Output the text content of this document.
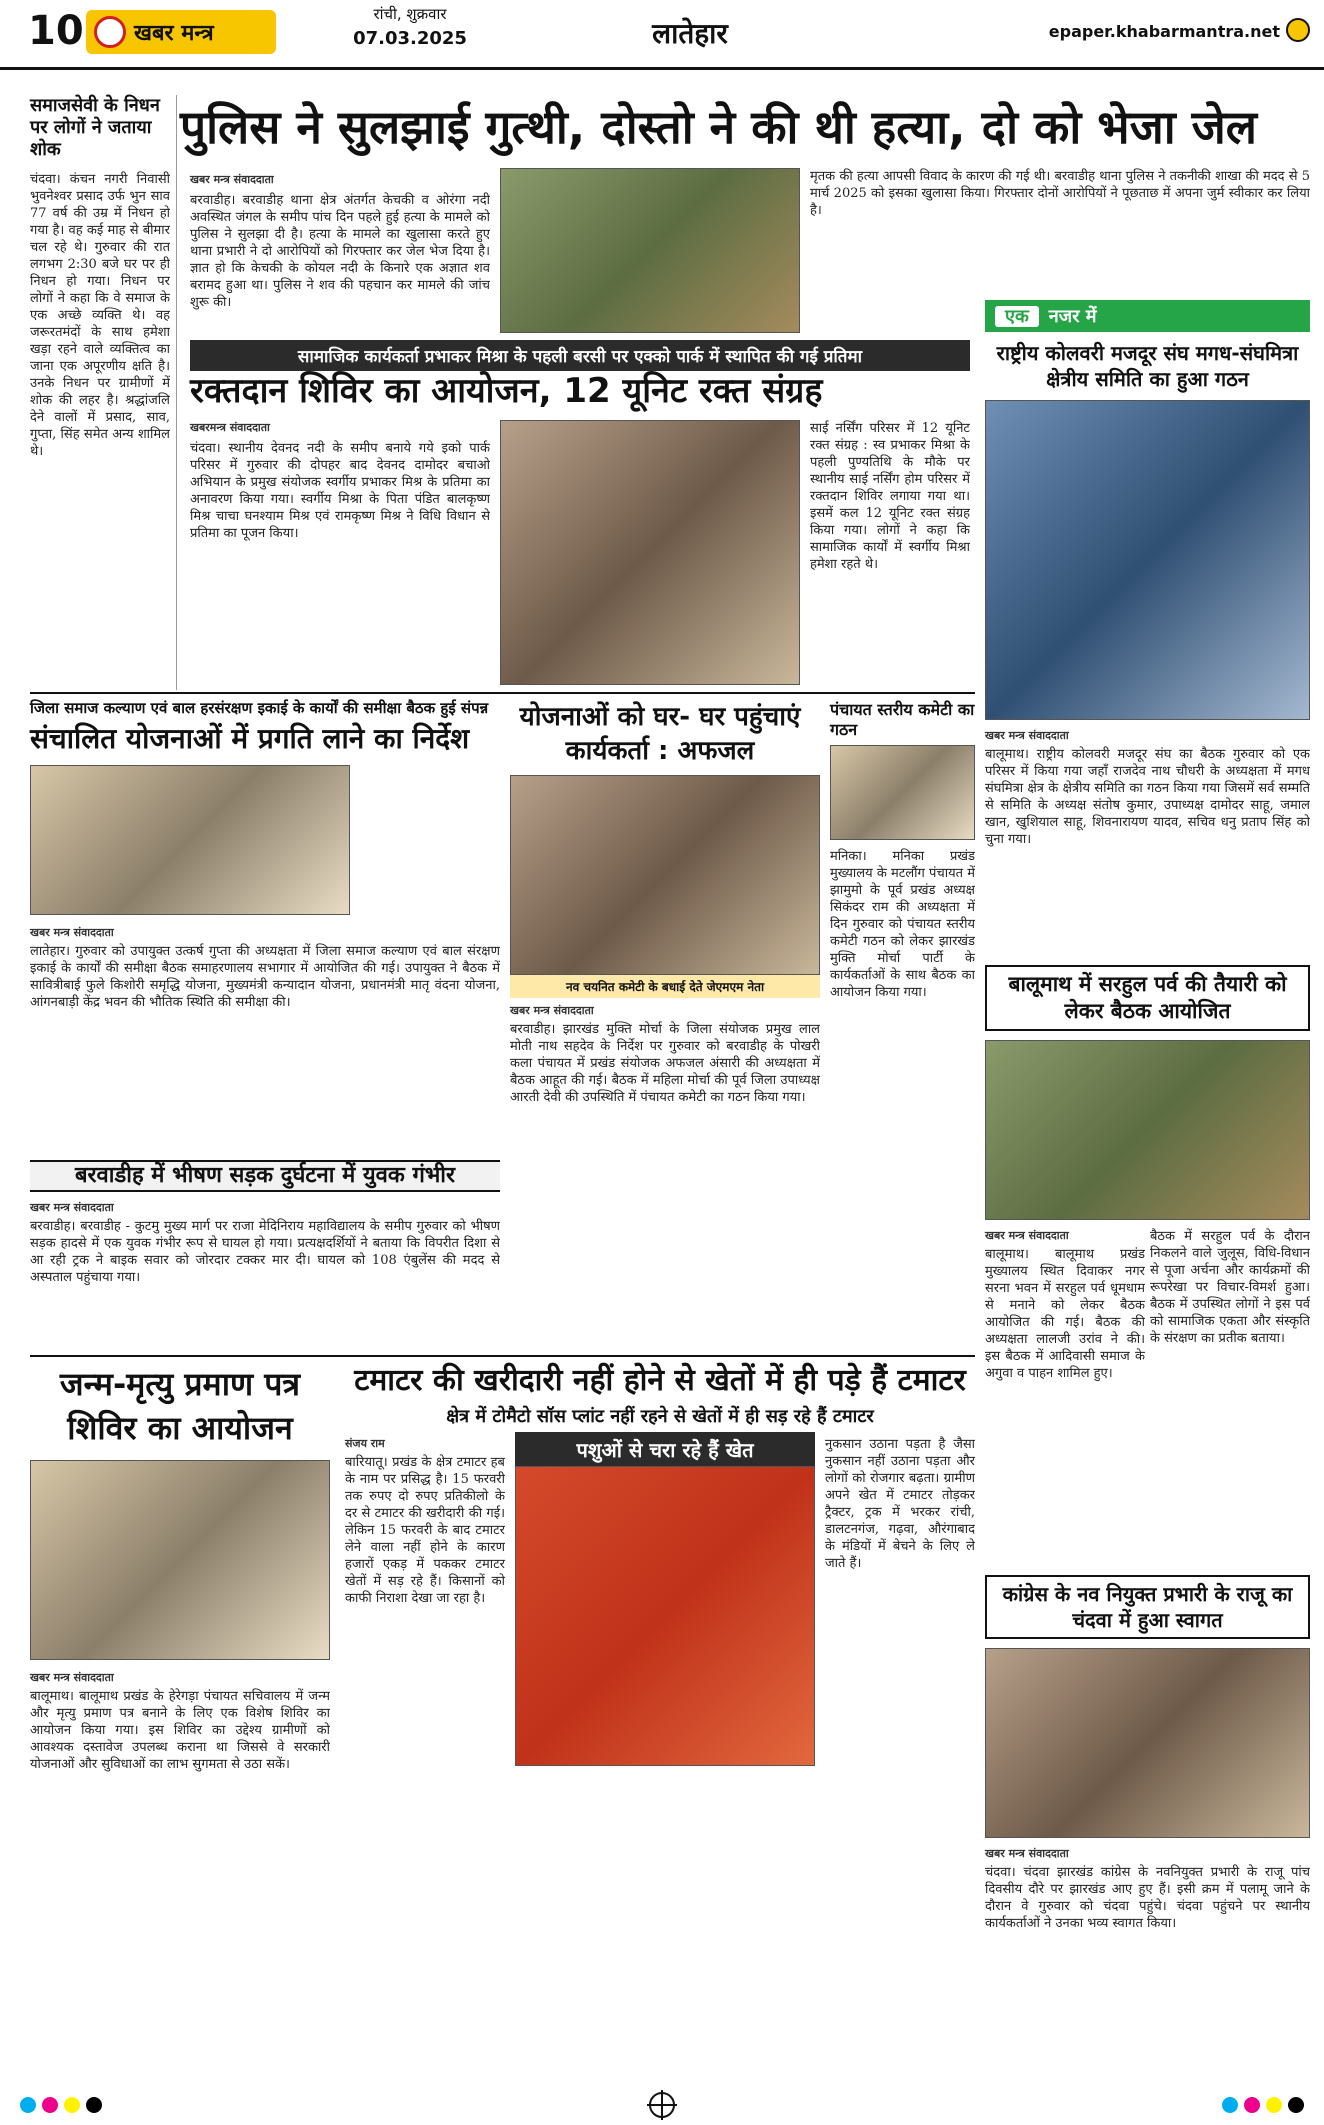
10 खबर मन्त्र
रांची, शुक्रवार
07.03.2025	लातेहार	epaper.khabarmantra.net
समाजसेवी के निधन पर लोगों ने जताया शोक
चंदवा। कंचन नगरी निवासी भुवनेश्वर प्रसाद उर्फ भुन साव 77 वर्ष की उम्र में निधन हो गया है। वह कई माह से बीमार चल रहे थे। गुरुवार की रात लगभग 2:30 बजे घर पर ही निधन हो गया। निधन पर लोगों ने कहा कि वे समाज के एक अच्छे व्यक्ति थे। वह जरूरतमंदों के साथ हमेशा खड़ा रहने वाले व्यक्तित्व का जाना एक अपूरणीय क्षति है। उनके निधन पर ग्रामीणों में शोक की लहर है। श्रद्धांजलि देने वालों में प्रसाद, साव, गुप्ता, सिंह समेत अन्य शामिल थे।
पुलिस ने सुलझाई गुत्थी, दोस्तो ने की थी हत्या, दो को भेजा जेल
खबर मन्त्र संवाददाता
बरवाडीह। बरवाडीह थाना क्षेत्र अंतर्गत केचकी व ओरंगा नदी अवस्थित जंगल के समीप पांच दिन पहले हुई हत्या के मामले को पुलिस ने सुलझा दी है। हत्या के मामले का खुलासा करते हुए थाना प्रभारी ने दो आरोपियों को गिरफ्तार कर जेल भेज दिया है। ज्ञात हो कि केचकी के कोयल नदी के किनारे एक अज्ञात शव बरामद हुआ था। पुलिस ने शव की पहचान कर मामले की जांच शुरू की।
मृतक की हत्या आपसी विवाद के कारण की गई थी। बरवाडीह थाना पुलिस ने तकनीकी शाखा की मदद से 5 मार्च 2025 को इसका खुलासा किया। गिरफ्तार दोनों आरोपियों ने पूछताछ में अपना जुर्म स्वीकार कर लिया है।
सामाजिक कार्यकर्ता प्रभाकर मिश्रा के पहली बरसी पर एक्को पार्क में स्थापित की गई प्रतिमा
रक्तदान शिविर का आयोजन, 12 यूनिट रक्त संग्रह
खबरमन्त्र संवाददाता
चंदवा। स्थानीय देवनद नदी के समीप बनाये गये इको पार्क परिसर में गुरुवार की दोपहर बाद देवनद दामोदर बचाओ अभियान के प्रमुख संयोजक स्वर्गीय प्रभाकर मिश्र के प्रतिमा का अनावरण किया गया। स्वर्गीय मिश्रा के पिता पंडित बालकृष्ण मिश्र चाचा घनश्याम मिश्र एवं रामकृष्ण मिश्र ने विधि विधान से प्रतिमा का पूजन किया।
साई नर्सिंग परिसर में 12 यूनिट रक्त संग्रह : स्व प्रभाकर मिश्रा के पहली पुण्यतिथि के मौके पर स्थानीय साई नर्सिंग होम परिसर में रक्तदान शिविर लगाया गया था। इसमें कल 12 यूनिट रक्त संग्रह किया गया। लोगों ने कहा कि सामाजिक कार्यों में स्वर्गीय मिश्रा हमेशा रहते थे।
एक नजर में
राष्ट्रीय कोलवरी मजदूर संघ मगध-संघमित्रा क्षेत्रीय समिति का हुआ गठन
खबर मन्त्र संवाददाता
बालूमाथ। राष्ट्रीय कोलवरी मजदूर संघ का बैठक गुरुवार को एक परिसर में किया गया जहाँ राजदेव नाथ चौधरी के अध्यक्षता में मगध संघमित्रा क्षेत्र के क्षेत्रीय समिति का गठन किया गया जिसमें सर्व सम्मति से समिति के अध्यक्ष संतोष कुमार, उपाध्यक्ष दामोदर साहू, जमाल खान, खुशियाल साहू, शिवनारायण यादव, सचिव धनु प्रताप सिंह को चुना गया।
जिला समाज कल्याण एवं बाल हरसंरक्षण इकाई के कार्यों की समीक्षा बैठक हुई संपन्न
संचालित योजनाओं में प्रगति लाने का निर्देश
खबर मन्त्र संवाददाता
लातेहार। गुरुवार को उपायुक्त उत्कर्ष गुप्ता की अध्यक्षता में जिला समाज कल्याण एवं बाल संरक्षण इकाई के कार्यों की समीक्षा बैठक समाहरणालय सभागार में आयोजित की गई। उपायुक्त ने बैठक में सावित्रीबाई फुले किशोरी समृद्धि योजना, मुख्यमंत्री कन्यादान योजना, प्रधानमंत्री मातृ वंदना योजना, आंगनबाड़ी केंद्र भवन की भौतिक स्थिति की समीक्षा की।
योजनाओं को घर- घर पहुंचाएं कार्यकर्ता : अफजल
नव चयनित कमेटी के बधाई देते जेएमएम नेता
खबर मन्त्र संवाददाता
बरवाडीह। झारखंड मुक्ति मोर्चा के जिला संयोजक प्रमुख लाल मोती नाथ सहदेव के निर्देश पर गुरुवार को बरवाडीह के पोखरी कला पंचायत में प्रखंड संयोजक अफजल अंसारी की अध्यक्षता में बैठक आहूत की गई। बैठक में महिला मोर्चा की पूर्व जिला उपाध्यक्ष आरती देवी की उपस्थिति में पंचायत कमेटी का गठन किया गया।
पंचायत स्तरीय कमेटी का गठन
मनिका। मनिका प्रखंड मुख्यालय के मटलौंग पंचायत में झामुमो के पूर्व प्रखंड अध्यक्ष सिकंदर राम की अध्यक्षता में दिन गुरुवार को पंचायत स्तरीय कमेटी गठन को लेकर झारखंड मुक्ति मोर्चा पार्टी के कार्यकर्ताओं के साथ बैठक का आयोजन किया गया।	बालूमाथ में सरहुल पर्व की तैयारी को लेकर बैठक आयोजित
खबर मन्त्र संवाददाता
बालूमाथ। बालूमाथ प्रखंड मुख्यालय स्थित दिवाकर नगर सरना भवन में सरहुल पर्व धूमधाम से मनाने को लेकर बैठक आयोजित की गई। बैठक की अध्यक्षता लालजी उरांव ने की। इस बैठक में आदिवासी समाज के अगुवा व पाहन शामिल हुए।
बैठक में सरहुल पर्व के दौरान निकलने वाले जुलूस, विधि-विधान से पूजा अर्चना और कार्यक्रमों की रूपरेखा पर विचार-विमर्श हुआ। बैठक में उपस्थित लोगों ने इस पर्व को सामाजिक एकता और संस्कृति के संरक्षण का प्रतीक बताया।
बरवाडीह में भीषण सड़क दुर्घटना में युवक गंभीर
खबर मन्त्र संवाददाता
बरवाडीह। बरवाडीह - कुटमु मुख्य मार्ग पर राजा मेदिनिराय महाविद्यालय के समीप गुरुवार को भीषण सड़क हादसे में एक युवक गंभीर रूप से घायल हो गया। प्रत्यक्षदर्शियों ने बताया कि विपरीत दिशा से आ रही ट्रक ने बाइक सवार को जोरदार टक्कर मार दी। घायल को 108 एंबुलेंस की मदद से अस्पताल पहुंचाया गया।
जन्म-मृत्यु प्रमाण पत्र शिविर का आयोजन
खबर मन्त्र संवाददाता
बालूमाथ। बालूमाथ प्रखंड के हेरेगड़ा पंचायत सचिवालय में जन्म और मृत्यु प्रमाण पत्र बनाने के लिए एक विशेष शिविर का आयोजन किया गया। इस शिविर का उद्देश्य ग्रामीणों को आवश्यक दस्तावेज उपलब्ध कराना था जिससे वे सरकारी योजनाओं और सुविधाओं का लाभ सुगमता से उठा सकें।
टमाटर की खरीदारी नहीं होने से खेतों में ही पड़े हैं टमाटर
क्षेत्र में टोमैटो सॉस प्लांट नहीं रहने से खेतों में ही सड़ रहे हैं टमाटर
संजय राम
बारियातू। प्रखंड के क्षेत्र टमाटर हब के नाम पर प्रसिद्ध है। 15 फरवरी तक रुपए दो रुपए प्रतिकीलो के दर से टमाटर की खरीदारी की गई। लेकिन 15 फरवरी के बाद टमाटर लेने वाला नहीं होने के कारण हजारों एकड़ में पककर टमाटर खेतों में सड़ रहे हैं। किसानों को काफी निराशा देखा जा रहा है।
पशुओं से चरा रहे हैं खेत	नुकसान उठाना पड़ता है जैसा नुकसान नहीं उठाना पड़ता और लोगों को रोजगार बढ़ता। ग्रामीण अपने खेत में टमाटर तोड़कर ट्रैक्टर, ट्रक में भरकर रांची, डालटनगंज, गढ़वा, औरंगाबाद के मंडियों में बेचने के लिए ले जाते हैं।
कांग्रेस के नव नियुक्त प्रभारी के राजू का चंदवा में हुआ स्वागत
खबर मन्त्र संवाददाता
चंदवा। चंदवा झारखंड कांग्रेस के नवनियुक्त प्रभारी के राजू पांच दिवसीय दौरे पर झारखंड आए हुए हैं। इसी क्रम में पलामू जाने के दौरान वे गुरुवार को चंदवा पहुंचे। चंदवा पहुंचने पर स्थानीय कार्यकर्ताओं ने उनका भव्य स्वागत किया।
